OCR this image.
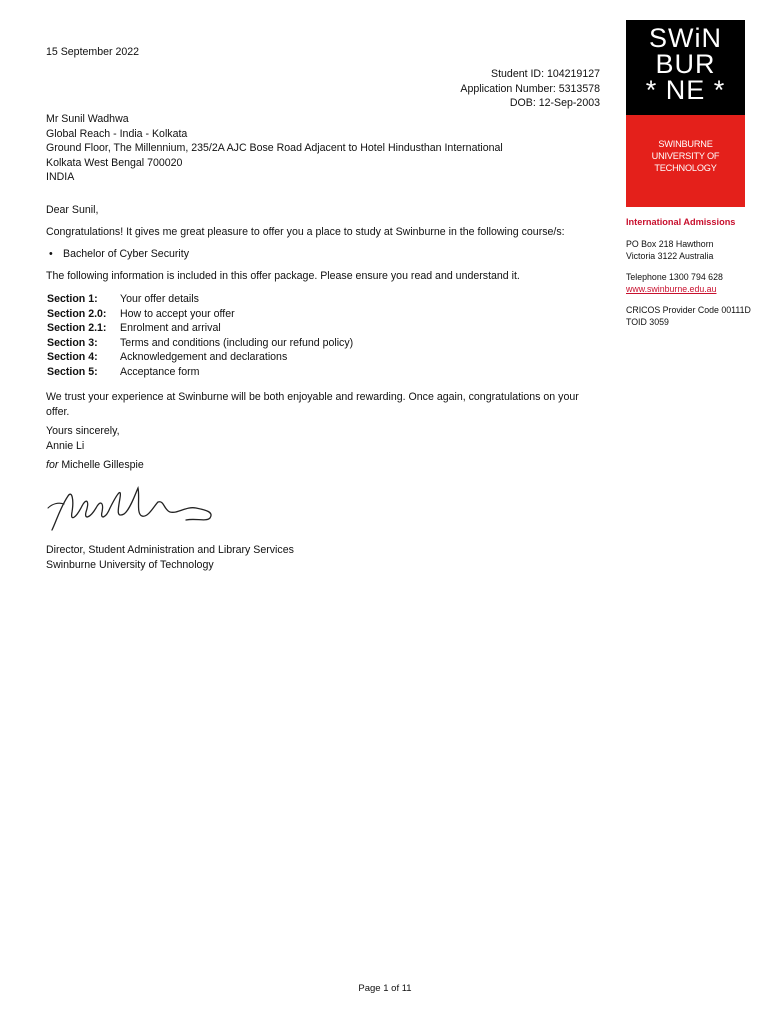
15 September 2022
Student ID: 104219127
Application Number: 5313578
DOB: 12-Sep-2003
Mr Sunil Wadhwa
Global Reach - India - Kolkata
Ground Floor, The Millennium, 235/2A AJC Bose Road Adjacent to Hotel Hindusthan International
Kolkata West Bengal 700020
INDIA
Dear Sunil,
Congratulations! It gives me great pleasure to offer you a place to study at Swinburne in the following course/s:
• Bachelor of Cyber Security
The following information is included in this offer package. Please ensure you read and understand it.
Section 1:	Your offer details
Section 2.0:	How to accept your offer
Section 2.1:	Enrolment and arrival
Section 3:	Terms and conditions (including our refund policy)
Section 4:	Acknowledgement and declarations
Section 5:	Acceptance form
We trust your experience at Swinburne will be both enjoyable and rewarding. Once again, congratulations on your offer.
Yours sincerely,
Annie Li
for Michelle Gillespie
Director, Student Administration and Library Services
Swinburne University of Technology
SWiN
BUR
* NE *
SWINBURNE
UNIVERSITY OF
TECHNOLOGY
International Admissions
PO Box 218 Hawthorn
Victoria 3122 Australia
Telephone 1300 794 628
www.swinburne.edu.au
CRICOS Provider Code 00111D
TOID 3059
Page 1 of 11
